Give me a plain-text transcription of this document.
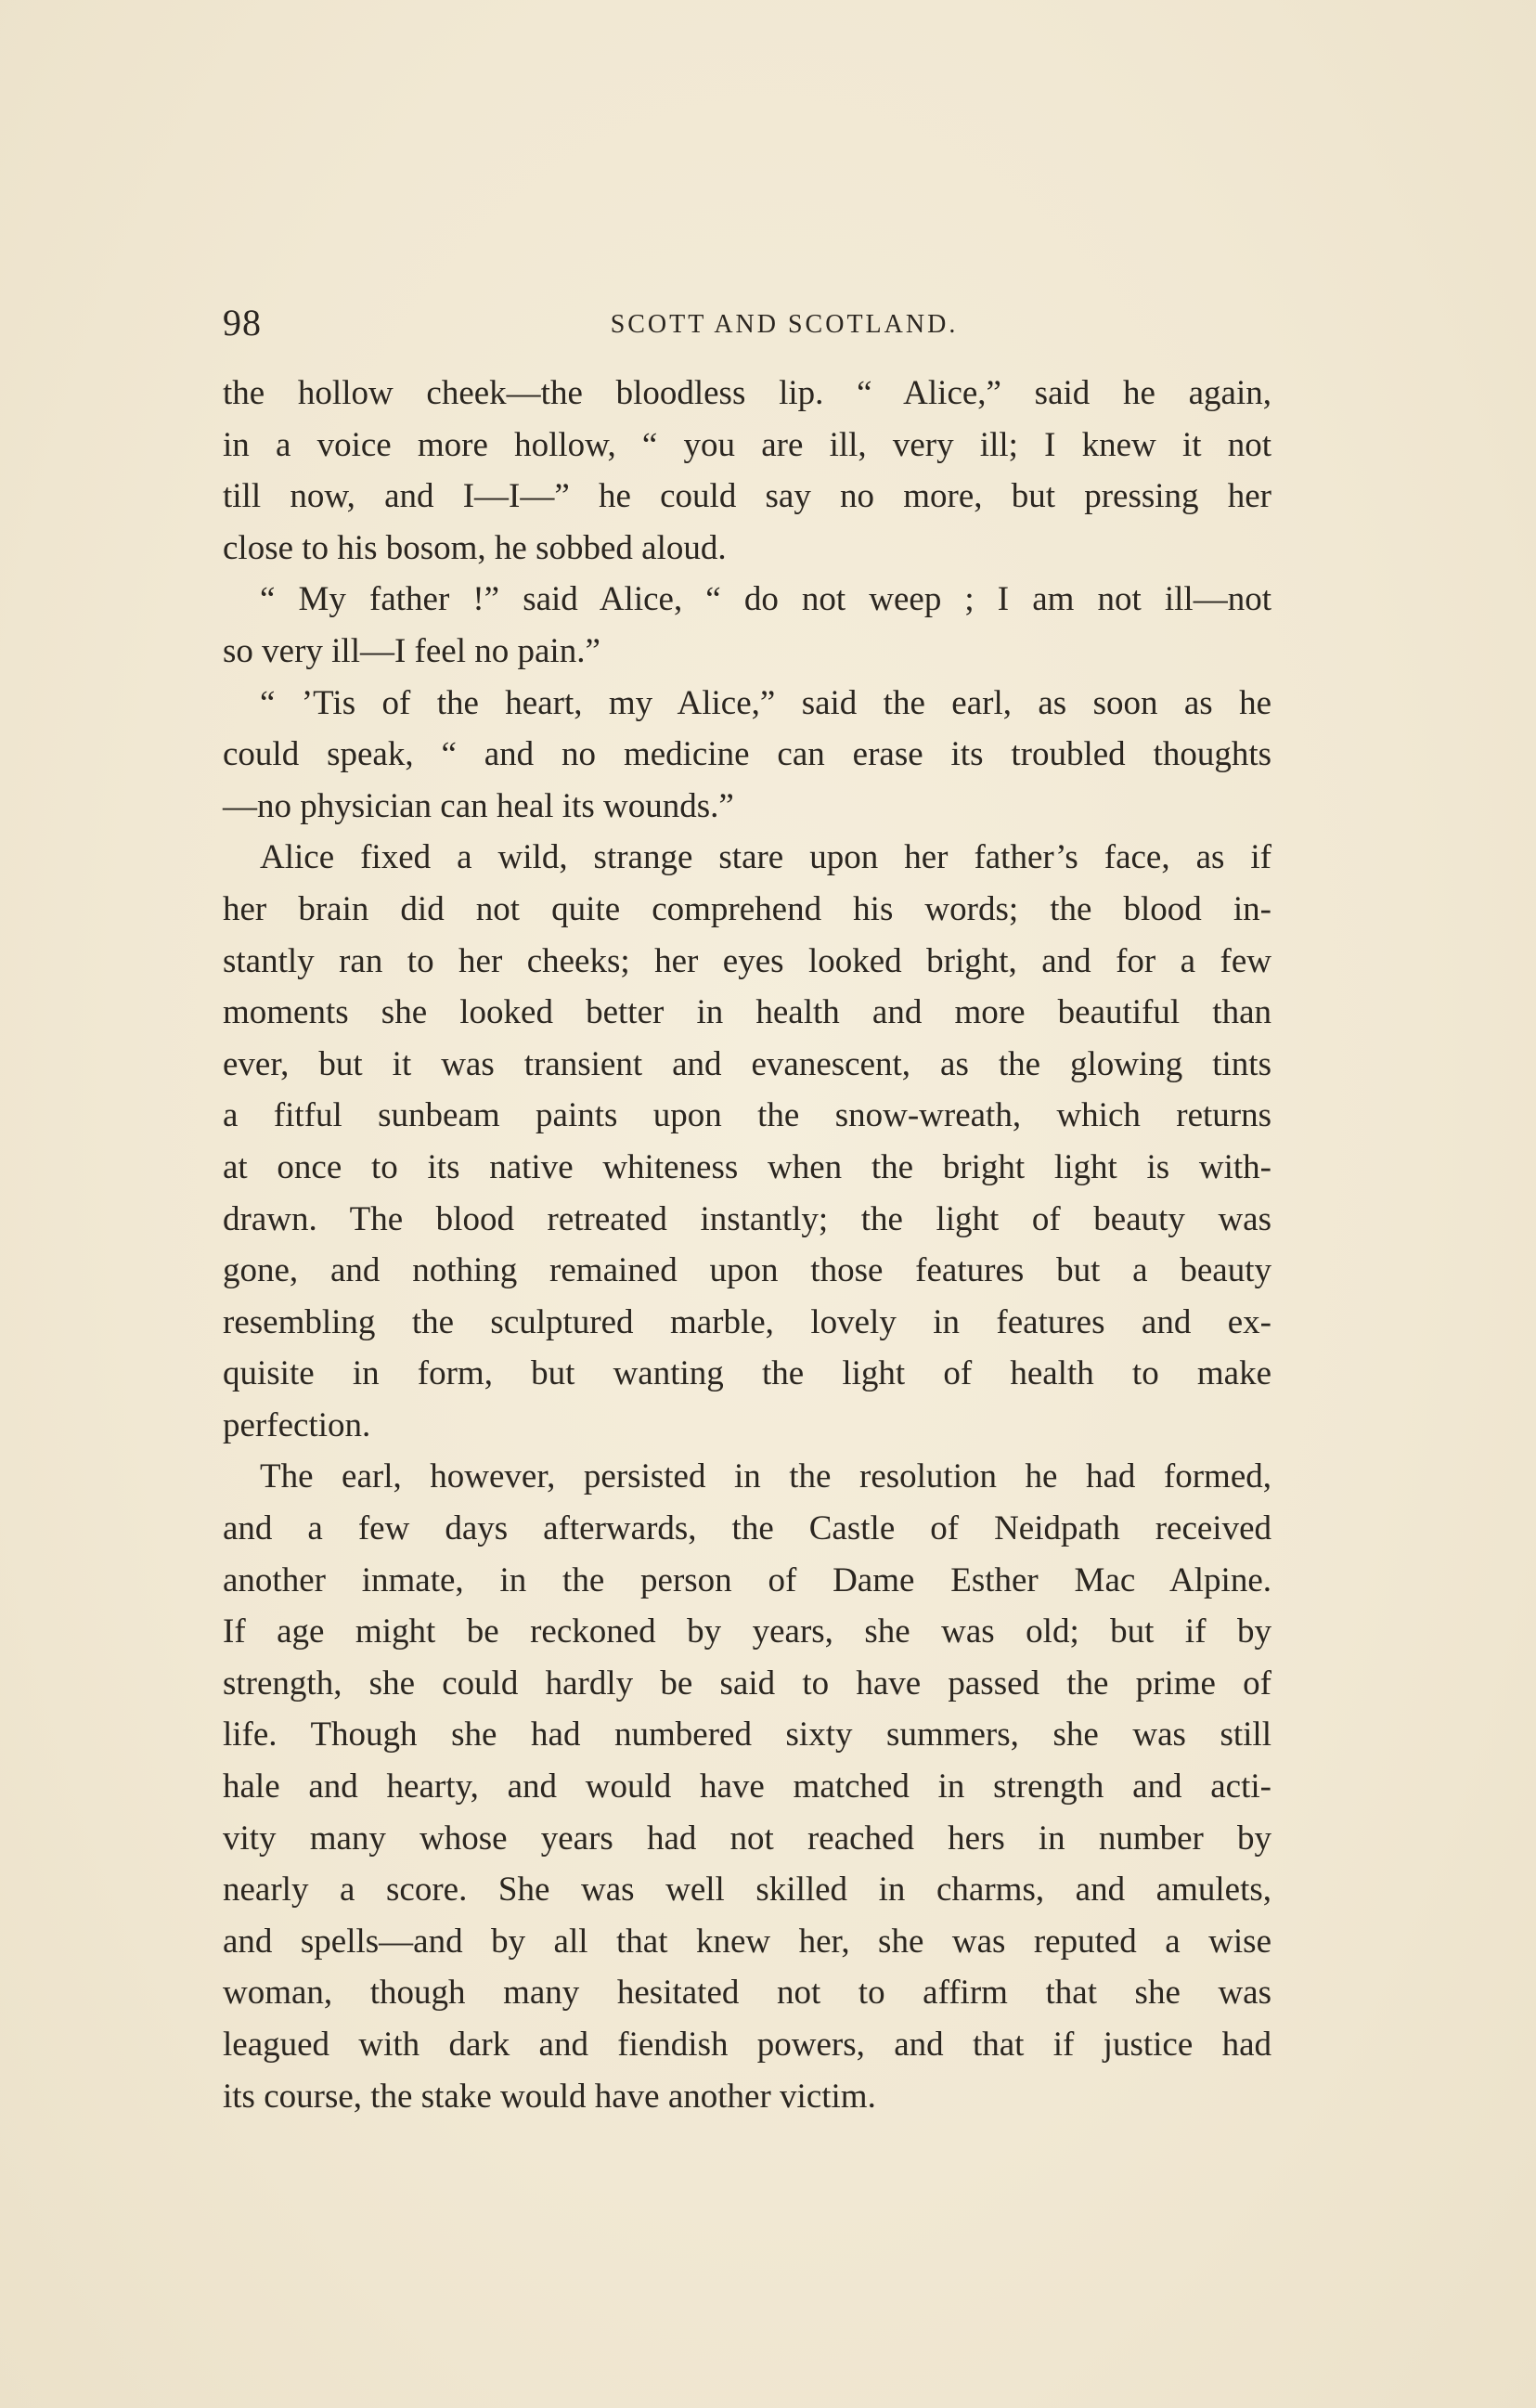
98	SCOTT AND SCOTLAND.
the hollow cheek—the bloodless lip. “ Alice,” said he again,
in a voice more hollow, “ you are ill, very ill; I knew it not
till now, and I—I—” he could say no more, but pressing her
close to his bosom, he sobbed aloud.
“ My father !” said Alice, “ do not weep ; I am not ill—not
so very ill—I feel no pain.”
“ ’Tis of the heart, my Alice,” said the earl, as soon as he
could speak, “ and no medicine can erase its troubled thoughts
—no physician can heal its wounds.”
Alice fixed a wild, strange stare upon her father’s face, as if
her brain did not quite comprehend his words; the blood in-
stantly ran to her cheeks; her eyes looked bright, and for a few
moments she looked better in health and more beautiful than
ever, but it was transient and evanescent, as the glowing tints
a fitful sunbeam paints upon the snow-wreath, which returns
at once to its native whiteness when the bright light is with-
drawn. The blood retreated instantly; the light of beauty was
gone, and nothing remained upon those features but a beauty
resembling the sculptured marble, lovely in features and ex-
quisite in form, but wanting the light of health to make
perfection.
The earl, however, persisted in the resolution he had formed,
and a few days afterwards, the Castle of Neidpath received
another inmate, in the person of Dame Esther Mac Alpine.
If age might be reckoned by years, she was old; but if by
strength, she could hardly be said to have passed the prime of
life. Though she had numbered sixty summers, she was still
hale and hearty, and would have matched in strength and acti-
vity many whose years had not reached hers in number by
nearly a score. She was well skilled in charms, and amulets,
and spells—and by all that knew her, she was reputed a wise
woman, though many hesitated not to affirm that she was
leagued with dark and fiendish powers, and that if justice had
its course, the stake would have another victim.
